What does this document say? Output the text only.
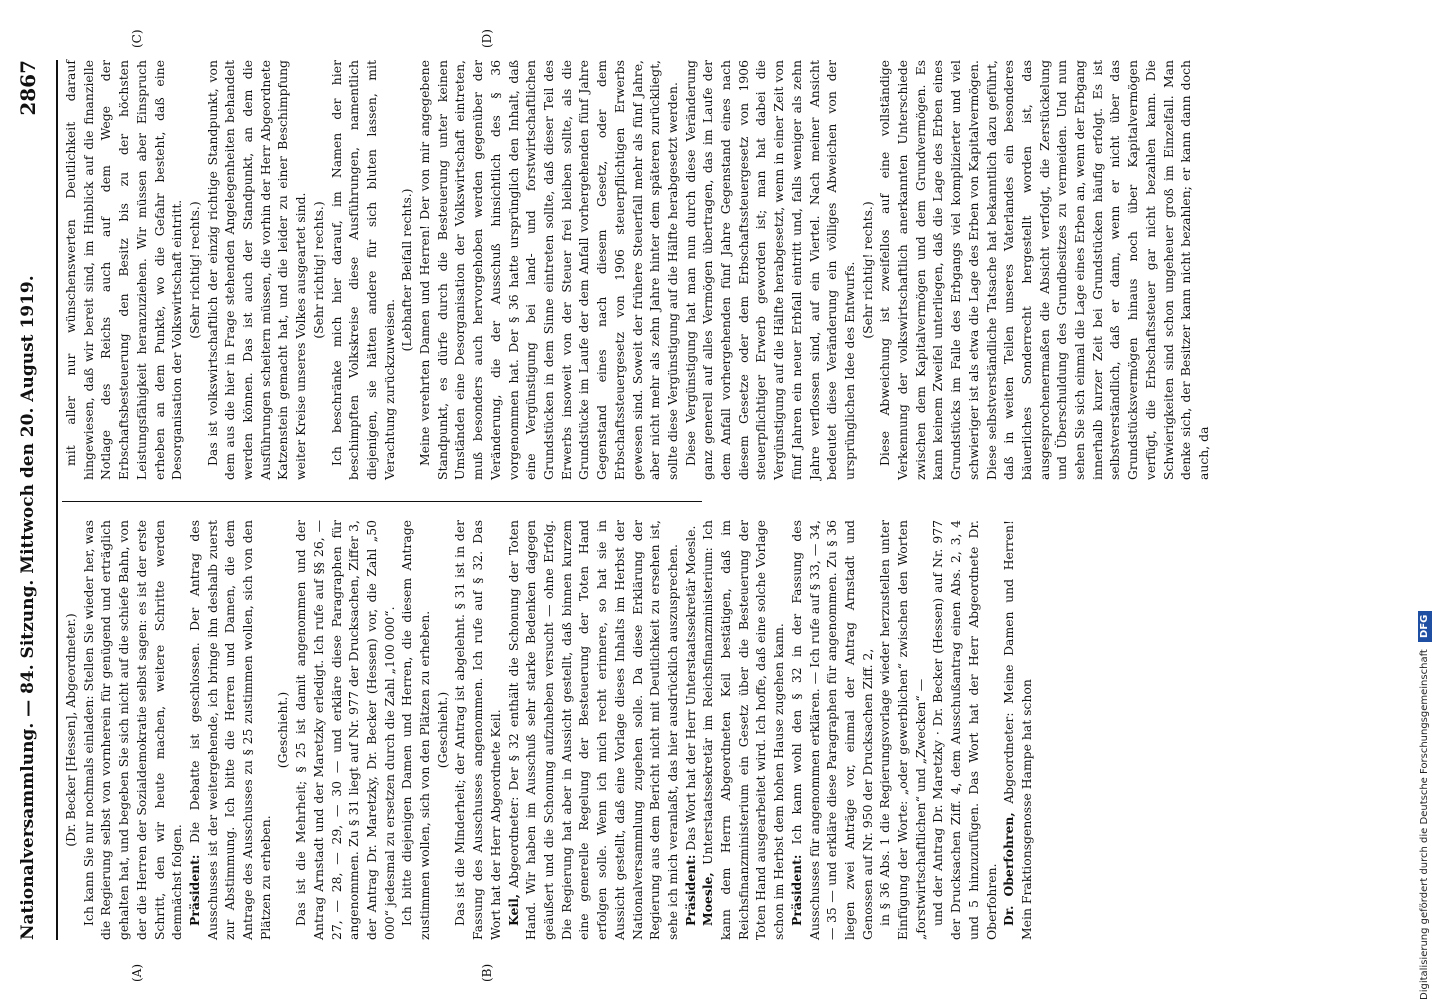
Nationalversammlung. — 84. Sitzung. Mittwoch den 20. August 1919.
2867

(Dr. Becker [Hessen], Abgeordneter.) Ich kann Sie nur nochmals einladen: Stellen Sie wieder her, was die Regierung selbst von vornherein für genügend und erträglich gehalten hat, und begeben Sie sich nicht auf die schiefe Bahn, von der die Herren der Sozialdemokratie selbst sagen: es ist der erste Schritt, den wir heute machen, weitere Schritte werden demnächst folgen. Präsident: Die Debatte ist geschlossen. Der Antrag des Ausschusses ist der weitergehende, ich bringe ihn deshalb zuerst zur Abstimmung. Ich bitte die Herren und Damen, die dem Antrage des Ausschusses zu § 25 zustimmen wollen, sich von den Plätzen zu erheben.

(Geschieht.) Das ist die Mehrheit; § 25 ist damit angenommen und der Antrag Arnstadt und der Maretzky erledigt. Ich rufe auf §§ 26, — 27, — 28, — 29, — 30 — und erkläre diese Paragraphen für angenommen. Zu § 31 liegt auf Nr. 977 der Drucksachen, Ziffer 3, der Antrag Dr. Maretzky, Dr. Becker (Hessen) vor, die Zahl „50 000“ jedesmal zu ersetzen durch die Zahl „100 000“. Ich bitte diejenigen Damen und Herren, die diesem Antrage zustimmen wollen, sich von den Plätzen zu erheben. (Geschieht.) Das ist die Minderheit; der Antrag ist abgelehnt. § 31 ist in der Fassung des Ausschusses angenommen. Ich rufe auf § 32. Das Wort hat der Herr Abgeordnete Keil. Keil, Abgeordneter: Der § 32 enthält die Schonung der Toten Hand. Wir haben im Ausschuß sehr starke Bedenken dagegen geäußert und die Schonung aufzuheben versucht — ohne Erfolg. Die Regierung hat aber in Aussicht gestellt, daß binnen kurzem eine generelle Regelung der Besteuerung der Toten Hand erfolgen solle. Wenn ich mich recht erinnere, so hat sie in Aussicht gestellt, daß eine Vorlage dieses Inhalts im Herbst der Nationalversammlung zugehen solle. Da diese Erklärung der Regierung aus dem Bericht nicht mit Deutlichkeit zu ersehen ist, sehe ich mich veranlaßt, das hier ausdrücklich auszusprechen. Präsident: Das Wort hat der Herr Unterstaatssekretär Moesle.

Moesle, Unterstaatssekretär im Reichsfinanzministerium: Ich kann dem Herrn Abgeordneten Keil bestätigen, daß im Reichsfinanzministerium ein Gesetz über die Besteuerung der Toten Hand ausgearbeitet wird. Ich hoffe, daß eine solche Vorlage schon im Herbst dem hohen Hause zugehen kann. Präsident: Ich kann wohl den § 32 in der Fassung des Ausschusses für angenommen erklären. — Ich rufe auf § 33, — 34, — 35 — und erkläre diese Paragraphen für angenommen. Zu § 36 liegen zwei Anträge vor, einmal der Antrag Arnstadt und Genossen auf Nr. 950 der Drucksachen Ziff. 2, in § 36 Abs. 1 die Regierungsvorlage wieder herzustellen unter Einfügung der Worte: „oder gewerblichen“ zwischen den Worten „forstwirtschaftlichen“ und „Zwecken“ — und der Antrag Dr. Maretzky · Dr. Becker (Hessen) auf Nr. 977 der Drucksachen Ziff. 4, dem Ausschußantrag einen Abs. 2, 3, 4 und 5 hinzuzufügen. Das Wort hat der Herr Abgeordnete Dr. Oberfohren. Dr. Oberfohren, Abgeordneter: Meine Damen und Herren! Mein Fraktionsgenosse Hampe hat schon

mit aller nur wünschenswerten Deutlichkeit darauf hingewiesen, daß wir bereit sind, im Hinblick auf die finanzielle Notlage des Reichs auch auf dem Wege der Erbschaftsbesteuerung den Besitz bis zu der höchsten Leistungsfähigkeit heranzuziehen. Wir müssen aber Einspruch erheben an dem Punkte, wo die Gefahr besteht, daß eine Desorganisation der Volkswirtschaft eintritt. (Sehr richtig! rechts.) Das ist volkswirtschaftlich der einzig richtige Standpunkt, von dem aus die hier in Frage stehenden Angelegenheiten behandelt werden können. Das ist auch der Standpunkt, an dem die Ausführungen scheitern müssen, die vorhin der Herr Abgeordnete Katzenstein gemacht hat, und die leider zu einer Beschimpfung weiter Kreise unseres Volkes ausgeartet sind. (Sehr richtig! rechts.) Ich beschränke mich hier darauf, im Namen der hier beschimpften Volkskreise diese Ausführungen, namentlich diejenigen, sie hätten andere für sich bluten lassen, mit Verachtung zurückzuweisen.

(Lebhafter Beifall rechts.) Meine verehrten Damen und Herren! Der von mir angegebene Standpunkt, es dürfe durch die Besteuerung unter keinen Umständen eine Desorganisation der Volkswirtschaft eintreten, muß besonders auch hervorgehoben werden gegenüber der Veränderung, die der Ausschuß hinsichtlich des § 36 vorgenommen hat. Der § 36 hatte ursprünglich den Inhalt, daß eine Vergünstigung bei land- und forstwirtschaftlichen Grundstücken in dem Sinne eintreten sollte, daß dieser Teil des Erwerbs insoweit von der Steuer frei bleiben sollte, als die Grundstücke im Laufe der dem Anfall vorhergehenden fünf Jahre Gegenstand eines nach diesem Gesetz, oder dem Erbschaftssteuergesetz von 1906 steuerpflichtigen Erwerbs gewesen sind. Soweit der frühere Steuerfall mehr als fünf Jahre, aber nicht mehr als zehn Jahre hinter dem späteren zurückliegt, sollte diese Vergünstigung auf die Hälfte herabgesetzt werden. Diese Vergünstigung hat man nun durch diese Veränderung ganz generell auf alles Vermögen übertragen, das im Laufe der dem Anfall vorhergehenden fünf Jahre Gegenstand eines nach diesem Gesetze oder dem Erbschaftssteuergesetz von 1906 steuerpflichtiger Erwerb geworden ist; man hat dabei die Vergünstigung auf die Hälfte herabgesetzt, wenn in einer Zeit von fünf Jahren ein neuer Erbfall eintritt und, falls weniger als zehn Jahre verflossen sind, auf ein Viertel. Nach meiner Ansicht bedeutet diese Veränderung ein völliges Abweichen von der ursprünglichen Idee des Entwurfs. (Sehr richtig! rechts.) Diese Abweichung ist zweifellos auf eine vollständige Verkennung der volkswirtschaftlich anerkannten Unterschiede zwischen dem Kapitalvermögen und dem Grundvermögen. Es kann keinem Zweifel unterliegen, daß die Lage des Erben eines Grundstücks im Falle des Erbgangs viel komplizierter und viel schwieriger ist als etwa die Lage des Erben von Kapitalvermögen. Diese selbstverständliche Tatsache hat bekanntlich dazu geführt, daß in weiten Teilen unseres Vaterlandes ein besonderes bäuerliches Sonderrecht hergestellt worden ist, das ausgesprochenermaßen die Absicht verfolgt, die Zerstückelung und Überschuldung des Grundbesitzes zu vermeiden. Und nun sehen Sie sich einmal die Lage eines Erben an, wenn der Erbgang innerhalb kurzer Zeit bei Grundstücken häufig erfolgt. Es ist selbstverständlich, daß er dann, wenn er nicht über das Grundstücksvermögen hinaus noch über Kapitalvermögen verfügt, die Erbschaftssteuer gar nicht bezahlen kann. Die Schwierigkeiten sind schon ungeheuer groß im Einzelfall. Man denke sich, der Besitzer kann nicht bezahlen; er kann dann doch auch, da

(A)	(B)
(C)	(D)
Digitalisierung gefördert durch die Deutsche Forschungsgemeinschaft DFG
